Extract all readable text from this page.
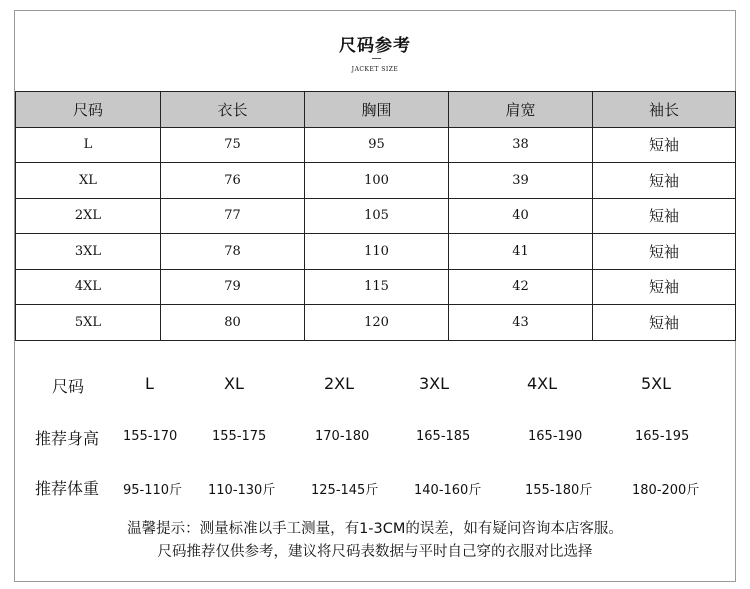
尺码参考
JACKET SIZE
尺码	衣长	胸围	肩宽	袖长
L	75	95	38	短袖
XL	76	100	39	短袖
2XL	77	105	40	短袖
3XL	78	110	41	短袖
4XL	79	115	42	短袖
5XL	80	120	43	短袖
尺码	L	XL	2XL	3XL	4XL	5XL
推荐身高 155-170	155-175	170-180	165-185	165-190	165-195
推荐体重 95-110斤 110-130斤	125-145斤	140-160斤	155-180斤	180-200斤
温馨提示：测量标准以手工测量，有1-3CM的误差，如有疑问咨询本店客服。
尺码推荐仅供参考，建议将尺码表数据与平时自己穿的衣服对比选择
